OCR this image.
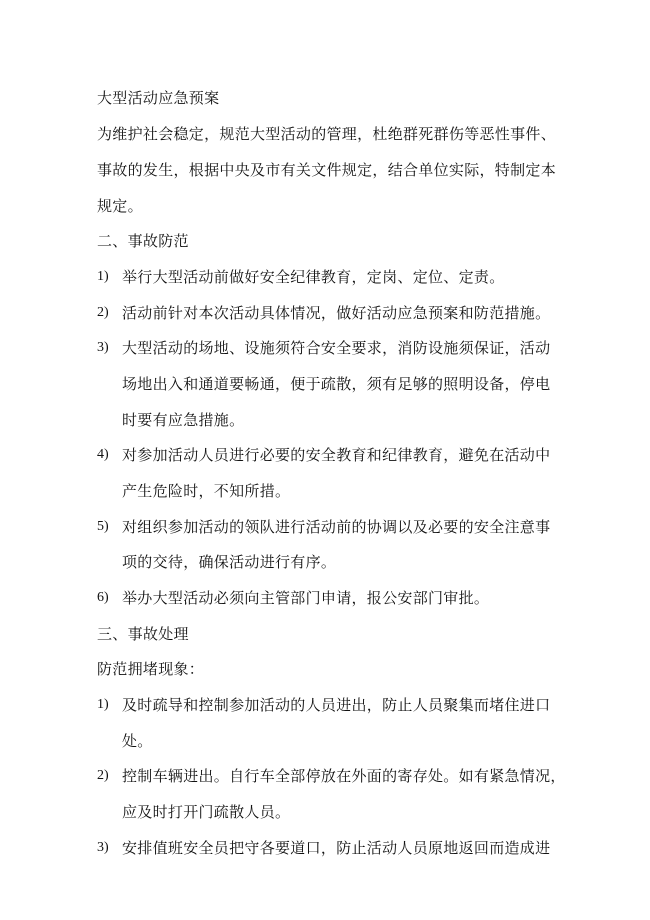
大型活动应急预案
为维护社会稳定，规范大型活动的管理，杜绝群死群伤等恶性事件、
事故的发生，根据中央及市有关文件规定，结合单位实际，特制定本
规定。
二、事故防范
1) 举行大型活动前做好安全纪律教育，定岗、定位、定责。
2) 活动前针对本次活动具体情况，做好活动应急预案和防范措施。
3) 大型活动的场地、设施须符合安全要求，消防设施须保证，活动
场地出入和通道要畅通，便于疏散，须有足够的照明设备，停电
时要有应急措施。
4) 对参加活动人员进行必要的安全教育和纪律教育，避免在活动中
产生危险时，不知所措。
5) 对组织参加活动的领队进行活动前的协调以及必要的安全注意事
项的交待，确保活动进行有序。
6) 举办大型活动必须向主管部门申请，报公安部门审批。
三、事故处理
防范拥堵现象：
1) 及时疏导和控制参加活动的人员进出，防止人员聚集而堵住进口
处。
2) 控制车辆进出。自行车全部停放在外面的寄存处。如有紧急情况，
应及时打开门疏散人员。
3) 安排值班安全员把守各要道口，防止活动人员原地返回而造成进
